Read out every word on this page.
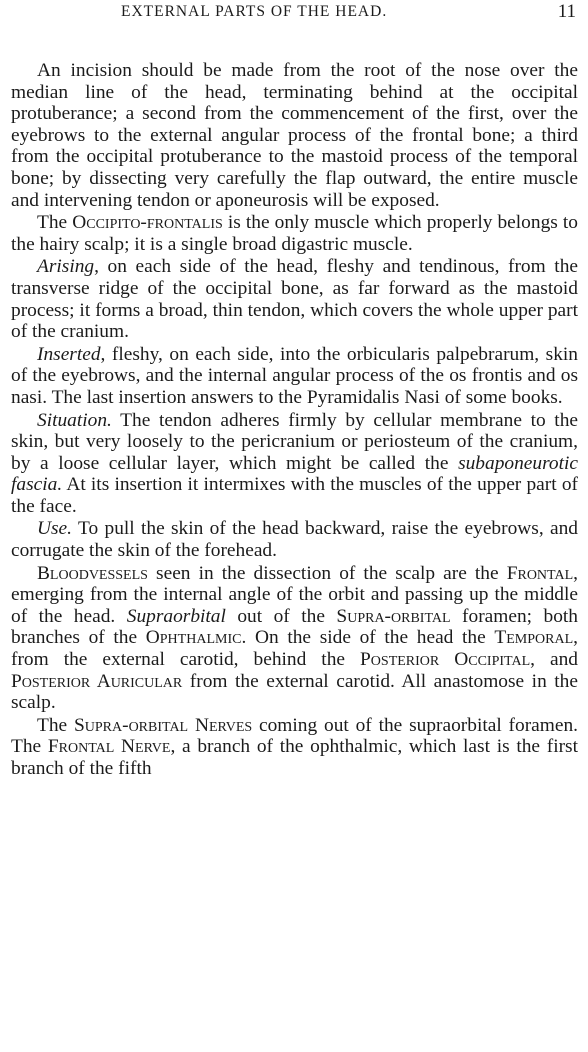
EXTERNAL PARTS OF THE HEAD.	11

An incision should be made from the root of the nose over the median line of the head, terminating behind at the occipital protuberance; a second from the commencement of the first, over the eyebrows to the external angular process of the frontal bone; a third from the occipital protuberance to the mastoid process of the temporal bone; by dissecting very carefully the flap outward, the entire muscle and intervening tendon or aponeurosis will be exposed.

The Occipito-frontalis is the only muscle which properly belongs to the hairy scalp; it is a single broad digastric muscle.

Arising, on each side of the head, fleshy and tendinous, from the transverse ridge of the occipital bone, as far forward as the mastoid process; it forms a broad, thin tendon, which covers the whole upper part of the cranium.

Inserted, fleshy, on each side, into the orbicularis palpebrarum, skin of the eyebrows, and the internal angular process of the os frontis and os nasi. The last insertion answers to the Pyramidalis Nasi of some books.

Situation. The tendon adheres firmly by cellular membrane to the skin, but very loosely to the pericranium or periosteum of the cranium, by a loose cellular layer, which might be called the subaponeurotic fascia. At its insertion it intermixes with the muscles of the upper part of the face.

Use. To pull the skin of the head backward, raise the eyebrows, and corrugate the skin of the forehead.

Bloodvessels seen in the dissection of the scalp are the Frontal, emerging from the internal angle of the orbit and passing up the middle of the head. Supraorbital out of the Supra-orbital foramen; both branches of the Ophthalmic. On the side of the head the Temporal, from the external carotid, behind the Posterior Occipital, and Posterior Auricular from the external carotid. All anastomose in the scalp.

The Supra-orbital Nerves coming out of the supraorbital foramen. The Frontal Nerve, a branch of the ophthalmic, which last is the first branch of the fifth
